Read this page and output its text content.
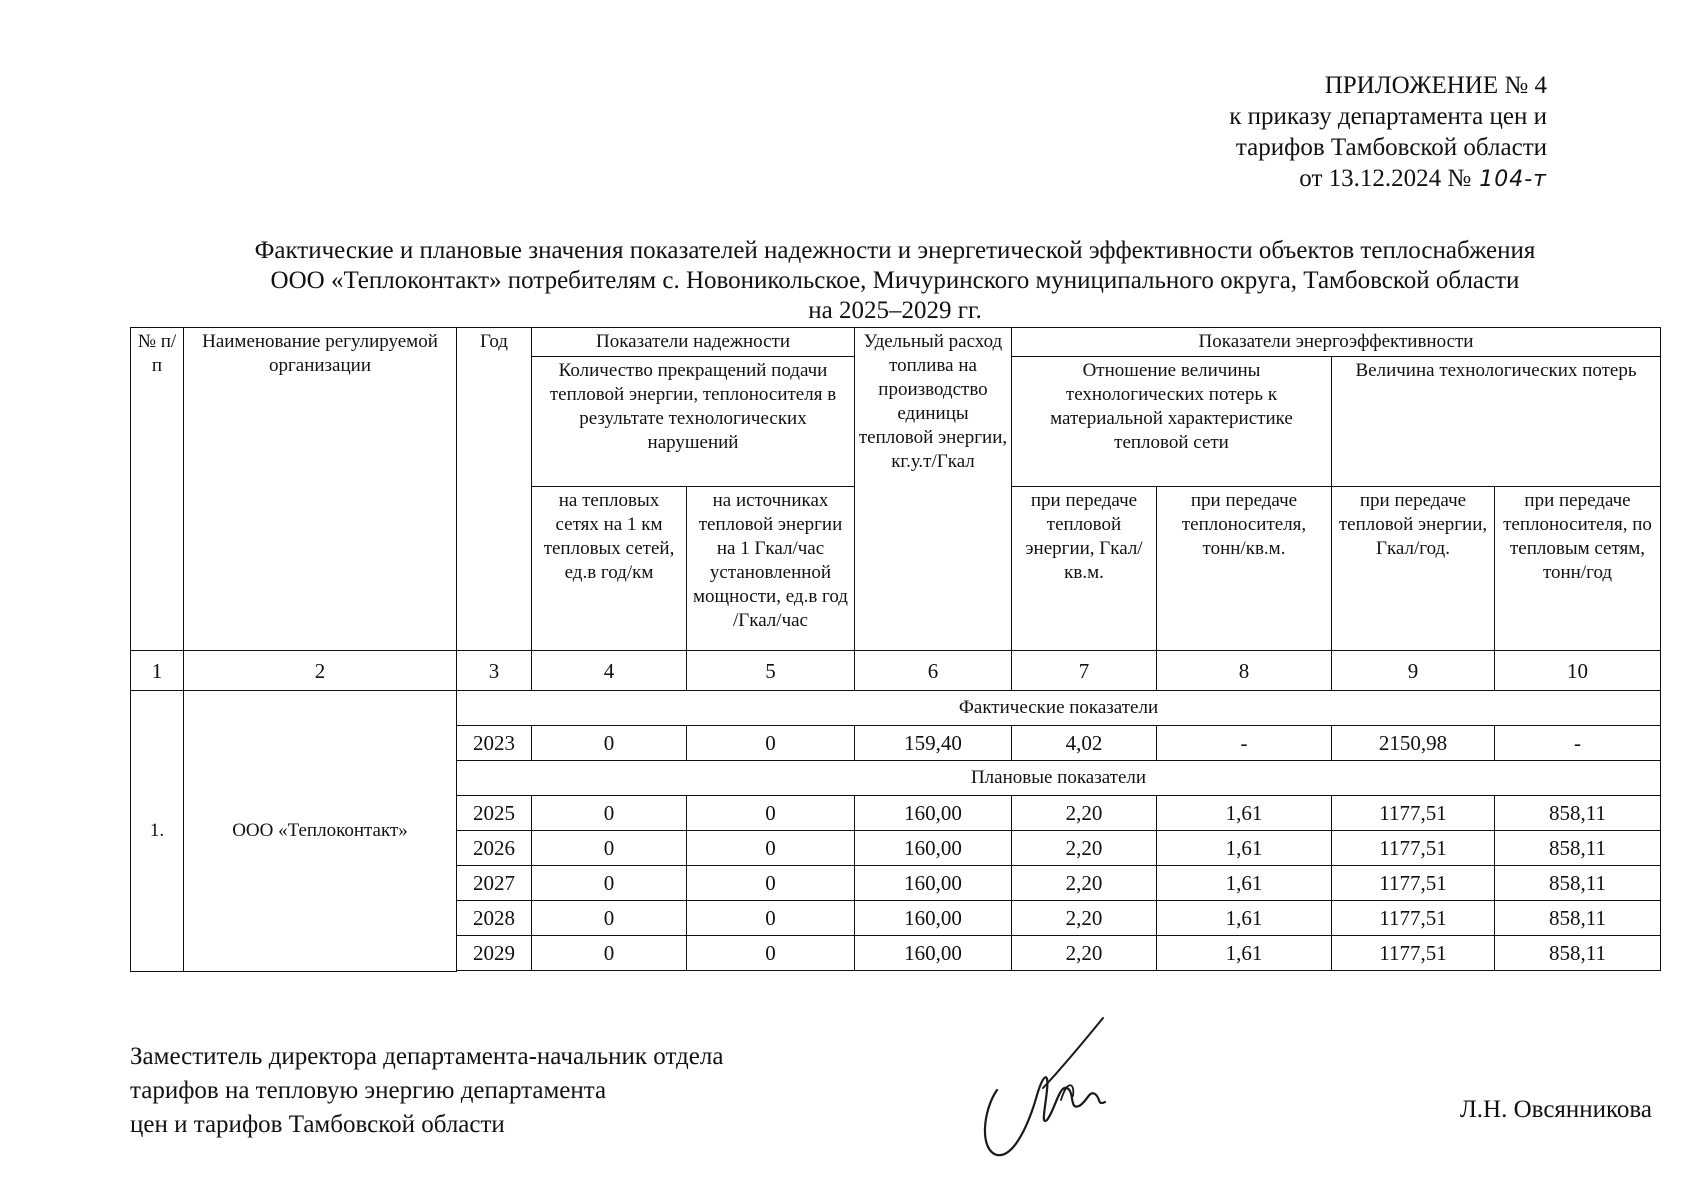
ПРИЛОЖЕНИЕ № 4
к приказу департамента цен и
тарифов Тамбовской области
от 13.12.2024 № 104-т
Фактические и плановые значения показателей надежности и энергетической эффективности объектов теплоснабжения
ООО «Теплоконтакт» потребителям с. Новоникольское, Мичуринского муниципального округа, Тамбовской области
на 2025–2029 гг.
№ п/п	Наименование регулируемой организации	Год	Показатели надежности		Удельный расход топлива на производство единицы тепловой энергии, кг.у.т/Гкал	Показатели энергоэффективности			
			Количество прекращений подачи тепловой энергии, теплоносителя в результате технологических нарушений			Отношение величины технологических потерь к материальной характеристике тепловой сети		Величина технологических потерь	

			на тепловых сетях на 1 км тепловых сетей, ед.в год/км	на источниках тепловой энергии на 1 Гкал/час установленной мощности, ед.в год /Гкал/час		при передаче тепловой энергии, Гкал/кв.м.	при передаче теплоносителя, тонн/кв.м.	при передаче тепловой энергии, Гкал/год.	при передаче теплоносителя, по тепловым сетям, тонн/год
1	2	3	4	5	6	7	8	9	10
1.	ООО «Теплоконтакт»	Фактические показатели							
		2023	0	0	159,40	4,02	-	2150,98	-
		Плановые показатели							
		2025	0	0	160,00	2,20	1,61	1177,51	858,11
		2026	0	0	160,00	2,20	1,61	1177,51	858,11
		2027	0	0	160,00	2,20	1,61	1177,51	858,11
		2028	0	0	160,00	2,20	1,61	1177,51	858,11
		2029	0	0	160,00	2,20	1,61	1177,51	858,11

Заместитель директора департамента-начальник отдела
тарифов на тепловую энергию департамента
цен и тарифов Тамбовской области
Л.Н. Овсянникова
